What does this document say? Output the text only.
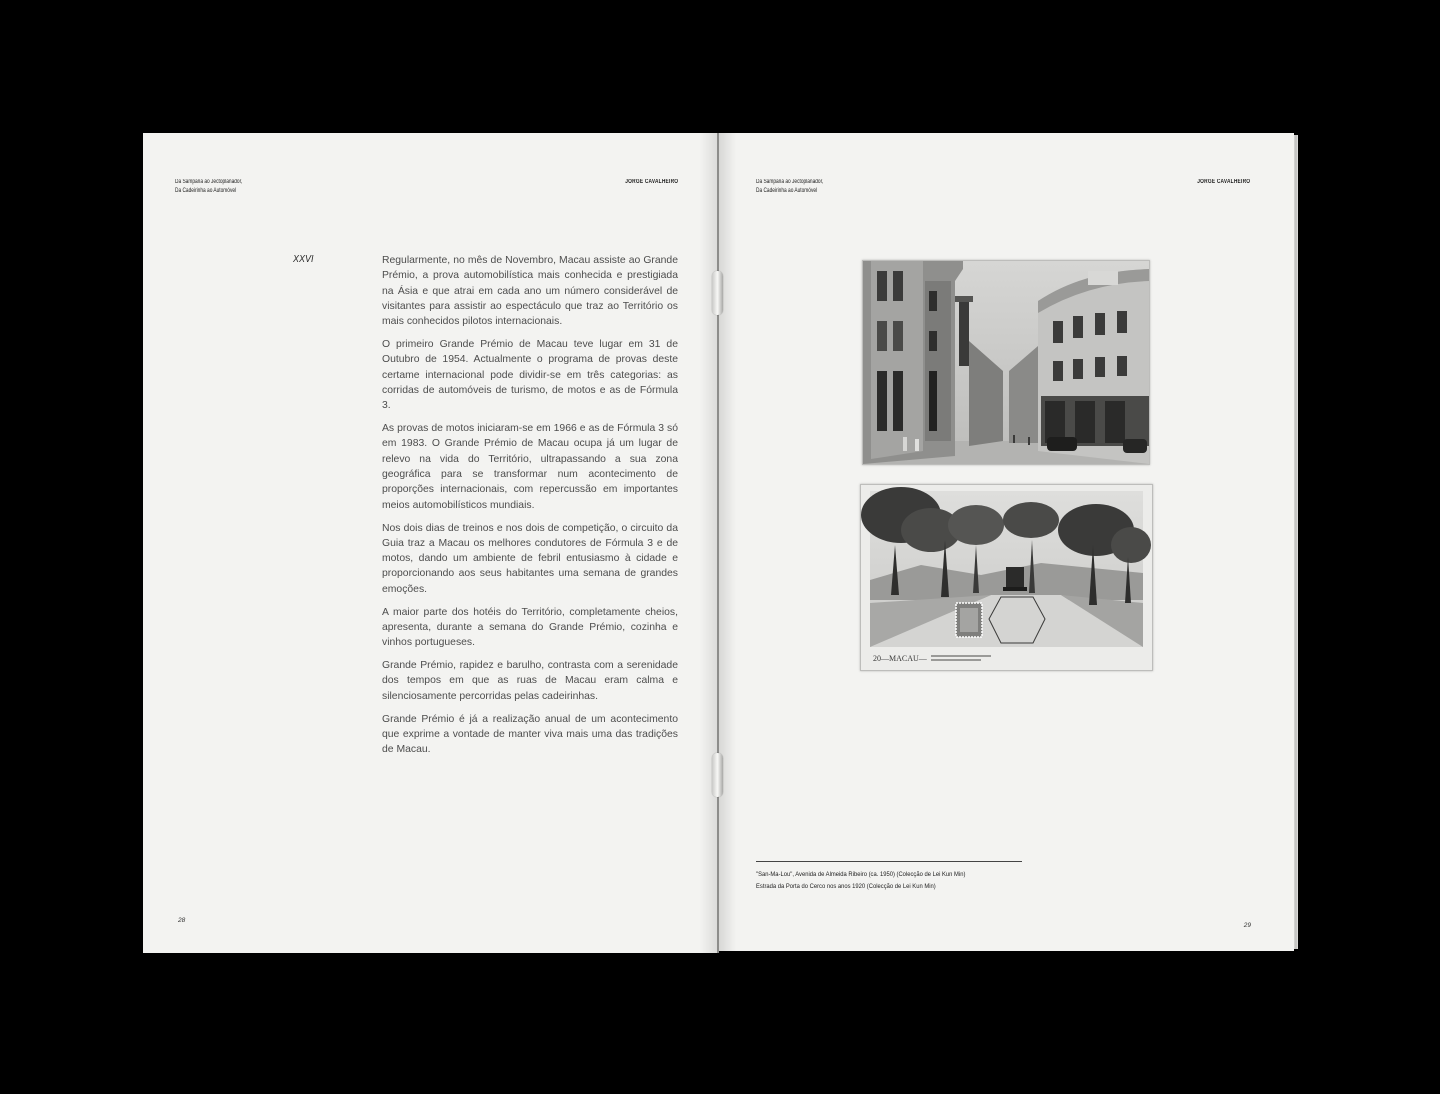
Da Sampana ao Jectoplanador,
Da Cadeirinha ao Automóvel
JORGE CAVALHEIRO
XXVI	Regularmente, no mês de Novembro, Macau assiste ao Grande Prémio, a prova automobilística mais conhecida e prestigiada na Ásia e que atrai em cada ano um número considerável de visitantes para assistir ao espectáculo que traz ao Território os mais conhecidos pilotos internacionais.

O primeiro Grande Prémio de Macau teve lugar em 31 de Outubro de 1954. Actualmente o programa de provas deste certame internacional pode dividir-se em três categorias: as corridas de automóveis de turismo, de motos e as de Fórmula 3.

As provas de motos iniciaram-se em 1966 e as de Fórmula 3 só em 1983. O Grande Prémio de Macau ocupa já um lugar de relevo na vida do Território, ultrapassando a sua zona geográfica para se transformar num acontecimento de proporções internacionais, com repercussão em importantes meios automobilísticos mundiais.

Nos dois dias de treinos e nos dois de competição, o circuito da Guia traz a Macau os melhores condutores de Fórmula 3 e de motos, dando um ambiente de febril entusiasmo à cidade e proporcionando aos seus habitantes uma semana de grandes emoções.

A maior parte dos hotéis do Território, completamente cheios, apresenta, durante a semana do Grande Prémio, cozinha e vinhos portugueses.

Grande Prémio, rapidez e barulho, contrasta com a serenidade dos tempos em que as ruas de Macau eram calma e silenciosamente percorridas pelas cadeirinhas.

Grande Prémio é já a realização anual de um acontecimento que exprime a vontade de manter viva mais uma das tradições de Macau.

28
Da Sampana ao Jectoplanador,
Da Cadeirinha ao Automóvel
JORGE CAVALHEIRO
20—MACAU—
"San-Ma-Lou", Avenida de Almeida Ribeiro (ca. 1950) (Colecção de Lei Kun Min)
Estrada da Porta do Cerco nos anos 1920 (Colecção de Lei Kun Min)
29
